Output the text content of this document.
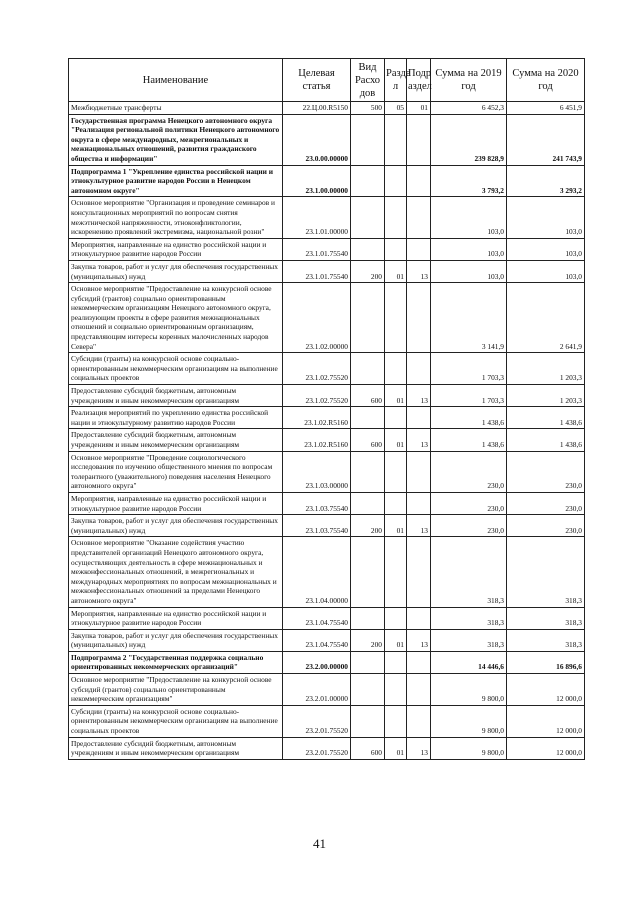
Наименование	Целевая статья	Вид Расхо дов	Разде л	Подр аздел	Сумма на 2019 год	Сумма на 2020 год
Межбюджетные трансферты	22.Ц.00.R5150	500	05	01	6 452,3	6 451,9
Государственная программа Ненецкого автономного округа "Реализация региональной политики Ненецкого автономного округа в сфере международных, межрегиональных и межнациональных отношений, развития гражданского общества и информации"	23.0.00.00000				239 828,9	241 743,9
Подпрограмма 1 "Укрепление единства российской нации и этнокультурное развитие народов России в Ненецком автономном округе"	23.1.00.00000				3 793,2	3 293,2
Основное мероприятие "Организация и проведение семинаров и консультационных мероприятий по вопросам снятия межэтнической напряженности, этноконфликтологии, искоренению проявлений экстремизма, национальной розни"	23.1.01.00000				103,0	103,0
Мероприятия, направленные на единство российской нации и этнокультурное развитие народов России	23.1.01.75540				103,0	103,0
Закупка товаров, работ и услуг для обеспечения государственных (муниципальных) нужд	23.1.01.75540	200	01	13	103,0	103,0
Основное мероприятие "Предоставление на конкурсной основе субсидий (грантов) социально ориентированным некоммерческим организациям Ненецкого автономного округа, реализующим проекты в сфере развития межнациональных отношений и социально ориентированным организациям, представляющим интересы коренных малочисленных народов Севера"	23.1.02.00000				3 141,9	2 641,9
Субсидии (гранты) на конкурсной основе социально-ориентированным некоммерческим организациям на выполнение социальных проектов	23.1.02.75520				1 703,3	1 203,3
Предоставление субсидий бюджетным, автономным учреждениям и иным некоммерческим организациям	23.1.02.75520	600	01	13	1 703,3	1 203,3
Реализация мероприятий по укреплению единства российской нации и этнокультурному развитию народов России	23.1.02.R5160				1 438,6	1 438,6
Предоставление субсидий бюджетным, автономным учреждениям и иным некоммерческим организациям	23.1.02.R5160	600	01	13	1 438,6	1 438,6
Основное мероприятие "Проведение социологического исследования по изучению общественного мнения по вопросам толерантного (уважительного) поведения населения Ненецкого автономного округа"	23.1.03.00000				230,0	230,0
Мероприятия, направленные на единство российской нации и этнокультурное развитие народов России	23.1.03.75540				230,0	230,0
Закупка товаров, работ и услуг для обеспечения государственных (муниципальных) нужд	23.1.03.75540	200	01	13	230,0	230,0
Основное мероприятие "Оказание содействия участию представителей организаций Ненецкого автономного округа, осуществляющих деятельность в сфере межнациональных и межконфессиональных отношений, в межрегиональных и международных мероприятиях по вопросам межнациональных и межконфессиональных отношений за пределами Ненецкого автономного округа"	23.1.04.00000				318,3	318,3
Мероприятия, направленные на единство российской нации и этнокультурное развитие народов России	23.1.04.75540				318,3	318,3
Закупка товаров, работ и услуг для обеспечения государственных (муниципальных) нужд	23.1.04.75540	200	01	13	318,3	318,3
Подпрограмма 2 "Государственная поддержка социально ориентированных некоммерческих организаций"	23.2.00.00000				14 446,6	16 896,6
Основное мероприятие "Предоставление на конкурсной основе субсидий (грантов) социально ориентированным некоммерческим организациям"	23.2.01.00000				9 800,0	12 000,0
Субсидии (гранты) на конкурсной основе социально-ориентированным некоммерческим организациям на выполнение социальных проектов	23.2.01.75520				9 800,0	12 000,0
Предоставление субсидий бюджетным, автономным учреждениям и иным некоммерческим организациям	23.2.01.75520	600	01	13	9 800,0	12 000,0
41
